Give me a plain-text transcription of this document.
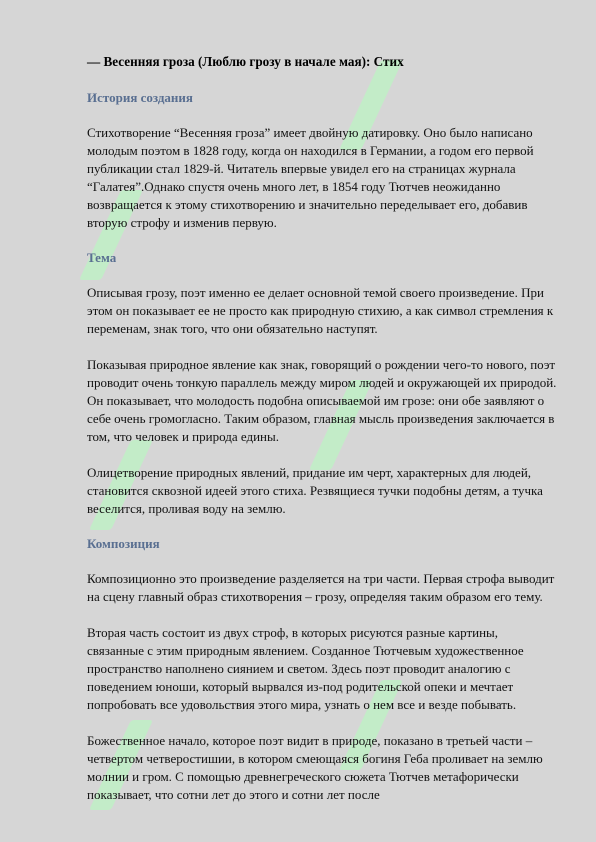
— Весенняя гроза (Люблю грозу в начале мая): Стих
История создания

Стихотворение “Весенняя гроза” имеет двойную датировку. Оно было написано молодым поэтом в 1828 году, когда он находился в Германии, а годом его первой публикации стал 1829-й. Читатель впервые увидел его на страницах журнала “Галатея”.Однако спустя очень много лет, в 1854 году Тютчев неожиданно возвращается к этому стихотворению и значительно переделывает его, добавив вторую строфу и изменив первую.

Тема

Описывая грозу, поэт именно ее делает основной темой своего произведение. При этом он показывает ее не просто как природную стихию, а как символ стремления к переменам, знак того, что они обязательно наступят.

Показывая природное явление как знак, говорящий о рождении чего-то нового, поэт проводит очень тонкую параллель между миром людей и окружающей их природой. Он показывает, что молодость подобна описываемой им грозе: они обе заявляют о себе очень громогласно. Таким образом, главная мысль произведения заключается в том, что человек и природа едины.

Олицетворение природных явлений, придание им черт, характерных для людей, становится сквозной идеей этого стиха. Резвящиеся тучки подобны детям, а тучка веселится, проливая воду на землю.

Композиция

Композиционно это произведение разделяется на три части. Первая строфа выводит на сцену главный образ стихотворения – грозу, определяя таким образом его тему.

Вторая часть состоит из двух строф, в которых рисуются разные картины, связанные с этим природным явлением. Созданное Тютчевым художественное пространство наполнено сиянием и светом. Здесь поэт проводит аналогию с поведением юноши, который вырвался из-под родительской опеки и мечтает попробовать все удовольствия этого мира, узнать о нем все и везде побывать.

Божественное начало, которое поэт видит в природе, показано в третьей части – четвертом четверостишии, в котором смеющаяся богиня Геба проливает на землю молнии и гром. С помощью древнегреческого сюжета Тютчев метафорически показывает, что сотни лет до этого и сотни лет после
